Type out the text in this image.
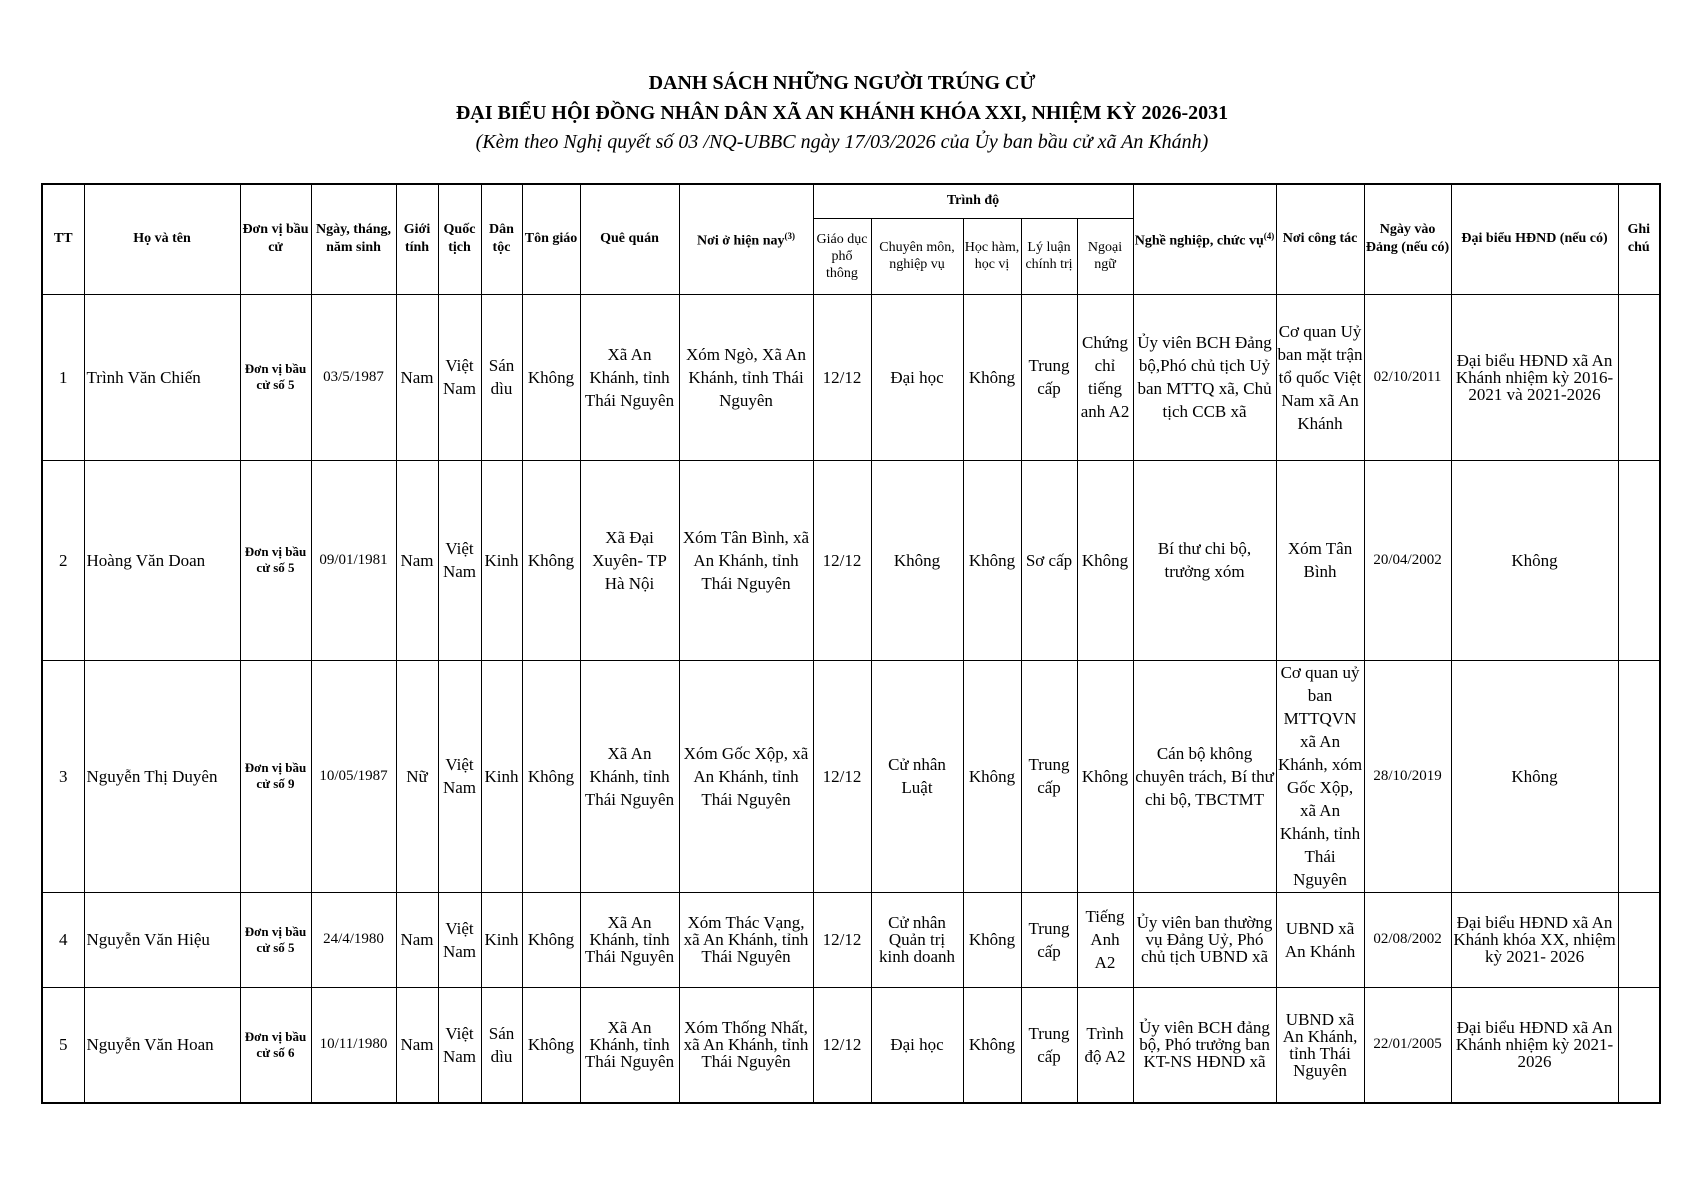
DANH SÁCH NHỮNG NGƯỜI TRÚNG CỬ
ĐẠI BIỂU HỘI ĐỒNG NHÂN DÂN XÃ AN KHÁNH KHÓA XXI, NHIỆM KỲ 2026-2031
(Kèm theo Nghị quyết số 03 /NQ-UBBC ngày 17/03/2026 của Ủy ban bầu cử xã An Khánh)
TT	Họ và tên	Đơn vị bầu cử	Ngày, tháng, năm sinh	Giới tính	Quốc tịch	Dân tộc	Tôn giáo	Quê quán	Nơi ở hiện nay$^{(3)}$	Trình độ					Nghề nghiệp, chức vụ$^{(4)}$	Nơi công tác	Ngày vào Đảng (nếu có)	Đại biểu HĐND (nếu có)	Ghi chú
										Giáo dục phổ thông	Chuyên môn, nghiệp vụ	Học hàm, học vị	Lý luận chính trị	Ngoại ngữ					
1	Trình Văn Chiến	Đơn vị bầu cử số 5	03/5/1987	Nam	Việt Nam	Sán dìu	Không	Xã An Khánh, tỉnh Thái Nguyên	Xóm Ngò, Xã An Khánh, tỉnh Thái Nguyên	12/12	Đại học	Không	Trung cấp	Chứng chỉ tiếng anh A2	Ủy viên BCH Đảng bộ,Phó chủ tịch Uỷ ban MTTQ xã, Chủ tịch CCB xã	Cơ quan Uỷ ban mặt trận tổ quốc Việt Nam xã An Khánh	02/10/2011	Đại biểu HĐND xã An Khánh nhiệm kỳ 2016-2021 và 2021-2026	
2	Hoàng Văn Doan	Đơn vị bầu cử số 5	09/01/1981	Nam	Việt Nam	Kinh	Không	Xã Đại Xuyên- TP Hà Nội	Xóm Tân Bình, xã An Khánh, tỉnh Thái Nguyên	12/12	Không	Không	Sơ cấp	Không	Bí thư chi bộ, trưởng xóm	Xóm Tân Bình	20/04/2002	Không	
3	Nguyễn Thị Duyên	Đơn vị bầu cử số 9	10/05/1987	Nữ	Việt Nam	Kinh	Không	Xã An Khánh, tỉnh Thái Nguyên	Xóm Gốc Xộp, xã An Khánh, tỉnh Thái Nguyên	12/12	Cử nhân Luật	Không	Trung cấp	Không	Cán bộ không chuyên trách, Bí thư chi bộ, TBCTMT	Cơ quan uỷ ban MTTQVN xã An Khánh, xóm Gốc Xộp, xã An Khánh, tỉnh Thái Nguyên	28/10/2019	Không	
4	Nguyễn Văn Hiệu	Đơn vị bầu cử số 5	24/4/1980	Nam	Việt Nam	Kinh	Không	Xã An Khánh, tỉnh Thái Nguyên	Xóm Thác Vạng, xã An Khánh, tỉnh Thái Nguyên	12/12	Cử nhân Quản trị kinh doanh	Không	Trung cấp	Tiếng Anh A2	Ủy viên ban thường vụ Đảng Uỷ, Phó chủ tịch UBND xã	UBND xã An Khánh	02/08/2002	Đại biểu HĐND xã An Khánh khóa XX, nhiệm kỳ 2021- 2026	
5	Nguyễn Văn Hoan	Đơn vị bầu cử số 6	10/11/1980	Nam	Việt Nam	Sán dìu	Không	Xã An Khánh, tỉnh Thái Nguyên	Xóm Thống Nhất, xã An Khánh, tỉnh Thái Nguyên	12/12	Đại học	Không	Trung cấp	Trình độ A2	Ủy viên BCH đảng bộ, Phó trưởng ban KT-NS HĐND xã	UBND xã An Khánh, tỉnh Thái Nguyên	22/01/2005	Đại biểu HĐND xã An Khánh nhiệm kỳ 2021-2026	
